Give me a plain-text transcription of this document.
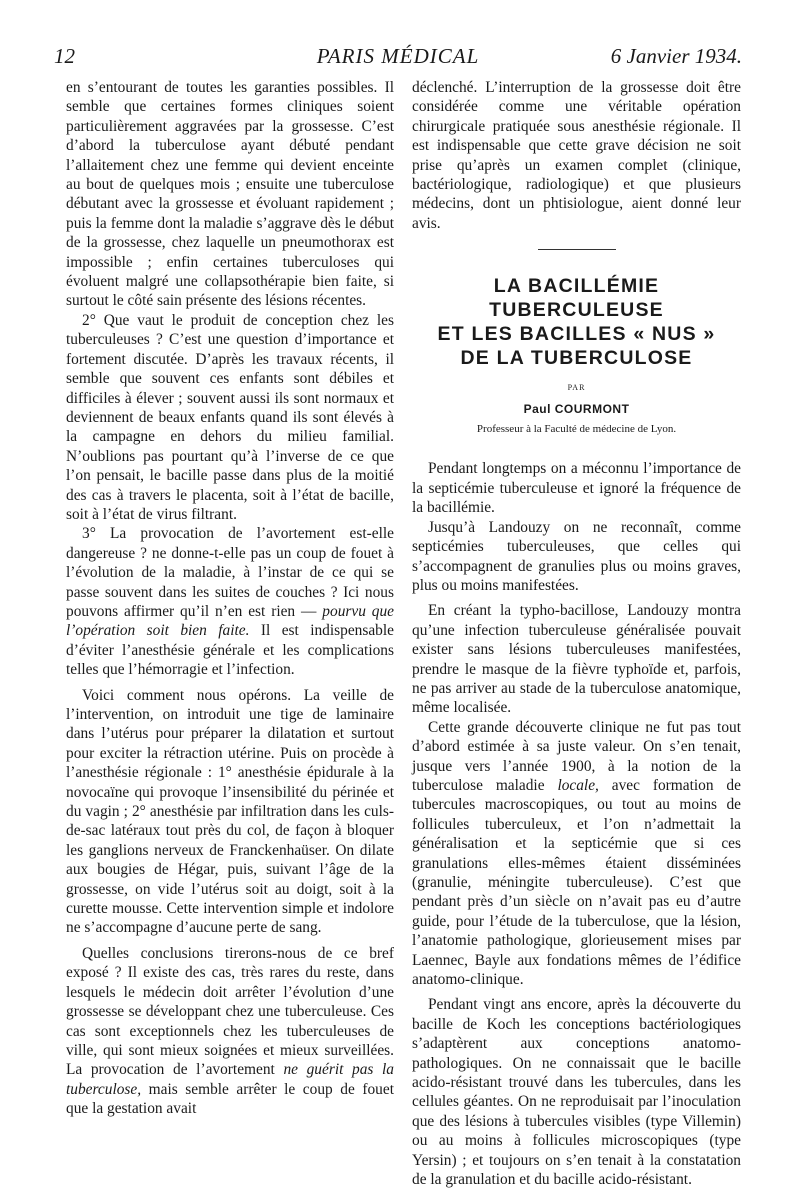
12	PARIS MÉDICAL	6 Janvier 1934.

en s’entourant de toutes les garanties possibles. Il semble que certaines formes cliniques soient particulièrement aggravées par la grossesse. C’est d’abord la tuberculose ayant débuté pendant l’allaitement chez une femme qui devient enceinte au bout de quelques mois ; ensuite une tuberculose débutant avec la grossesse et évoluant rapidement ; puis la femme dont la maladie s’aggrave dès le début de la grossesse, chez laquelle un pneumothorax est impossible ; enfin certaines tuberculoses qui évoluent malgré une collapsothérapie bien faite, si surtout le côté sain présente des lésions récentes.

2° Que vaut le produit de conception chez les tuberculeuses ? C’est une question d’importance et fortement discutée. D’après les travaux récents, il semble que souvent ces enfants sont débiles et difficiles à élever ; souvent aussi ils sont normaux et deviennent de beaux enfants quand ils sont élevés à la campagne en dehors du milieu familial. N’oublions pas pourtant qu’à l’inverse de ce que l’on pensait, le bacille passe dans plus de la moitié des cas à travers le placenta, soit à l’état de bacille, soit à l’état de virus filtrant.

3° La provocation de l’avortement est-elle dangereuse ? ne donne-t-elle pas un coup de fouet à l’évolution de la maladie, à l’instar de ce qui se passe souvent dans les suites de couches ? Ici nous pouvons affirmer qu’il n’en est rien — pourvu que l’opération soit bien faite. Il est indispensable d’éviter l’anesthésie générale et les complications telles que l’hémorragie et l’infection.

Voici comment nous opérons. La veille de l’intervention, on introduit une tige de laminaire dans l’utérus pour préparer la dilatation et surtout pour exciter la rétraction utérine. Puis on procède à l’anesthésie régionale : 1° anesthésie épidurale à la novocaïne qui provoque l’insensibilité du périnée et du vagin ; 2° anesthésie par infiltration dans les culs-de-sac latéraux tout près du col, de façon à bloquer les ganglions nerveux de Franckenhaüser. On dilate aux bougies de Hégar, puis, suivant l’âge de la grossesse, on vide l’utérus soit au doigt, soit à la curette mousse. Cette intervention simple et indolore ne s’accompagne d’aucune perte de sang.

Quelles conclusions tirerons-nous de ce bref exposé ? Il existe des cas, très rares du reste, dans lesquels le médecin doit arrêter l’évolution d’une grossesse se développant chez une tuberculeuse. Ces cas sont exceptionnels chez les tuberculeuses de ville, qui sont mieux soignées et mieux surveillées. La provocation de l’avortement ne guérit pas la tuberculose, mais semble arrêter le coup de fouet que la gestation avait

déclenché. L’interruption de la grossesse doit être considérée comme une véritable opération chirurgicale pratiquée sous anesthésie régionale. Il est indispensable que cette grave décision ne soit prise qu’après un examen complet (clinique, bactériologique, radiologique) et que plusieurs médecins, dont un phtisiologue, aient donné leur avis.

LA BACILLÉMIE
TUBERCULEUSE
ET LES BACILLES « NUS »
DE LA TUBERCULOSE
PAR
Paul COURMONT
Professeur à la Faculté de médecine de Lyon.

Pendant longtemps on a méconnu l’importance de la septicémie tuberculeuse et ignoré la fréquence de la bacillémie.

Jusqu’à Landouzy on ne reconnaît, comme septicémies tuberculeuses, que celles qui s’accompagnent de granulies plus ou moins graves, plus ou moins manifestées.

En créant la typho-bacillose, Landouzy montra qu’une infection tuberculeuse généralisée pouvait exister sans lésions tuberculeuses manifestées, prendre le masque de la fièvre typhoïde et, parfois, ne pas arriver au stade de la tuberculose anatomique, même localisée.

Cette grande découverte clinique ne fut pas tout d’abord estimée à sa juste valeur. On s’en tenait, jusque vers l’année 1900, à la notion de la tuberculose maladie locale, avec formation de tubercules macroscopiques, ou tout au moins de follicules tuberculeux, et l’on n’admettait la généralisation et la septicémie que si ces granulations elles-mêmes étaient disséminées (granulie, méningite tuberculeuse). C’est que pendant près d’un siècle on n’avait pas eu d’autre guide, pour l’étude de la tuberculose, que la lésion, l’anatomie pathologique, glorieusement mises par Laennec, Bayle aux fondations mêmes de l’édifice anatomo-clinique.

Pendant vingt ans encore, après la découverte du bacille de Koch les conceptions bactériologiques s’adaptèrent aux conceptions anatomo-pathologiques. On ne connaissait que le bacille acido-résistant trouvé dans les tubercules, dans les cellules géantes. On ne reproduisait par l’inoculation que des lésions à tubercules visibles (type Villemin) ou au moins à follicules microscopiques (type Yersin) ; et toujours on s’en tenait à la constatation de la granulation et du bacille acido-résistant.
